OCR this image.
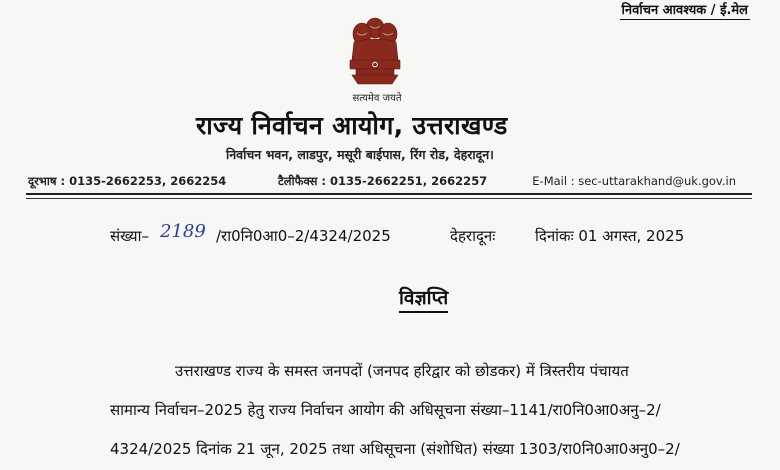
निर्वाचन आवश्यक / ई.मेल
सत्यमेव जयते
राज्य निर्वाचन आयोग, उत्तराखण्ड
निर्वाचन भवन, लाडपुर, मसूरी बाईपास, रिंग रोड, देहरादून।
दूरभाष : 0135-2662253, 2662254	टैलीफैक्स : 0135-2662251, 2662257	E-Mail : sec-uttarakhand@uk.gov.in
संख्या– 2189 /रा0नि0आ0–2/4324/2025	देहरादूनः	दिनांकः 01 अगस्त, 2025
विज्ञप्ति
उत्तराखण्ड राज्य के समस्त जनपदों (जनपद हरिद्वार को छोडकर) में त्रिस्तरीय पंचायत
सामान्य निर्वाचन–2025 हेतु राज्य निर्वाचन आयोग की अधिसूचना संख्या–1141/रा0नि0आ0अनु–2/
4324/2025 दिनांक 21 जून, 2025 तथा अधिसूचना (संशोधित) संख्या 1303/रा0नि0आ0अनु0–2/
